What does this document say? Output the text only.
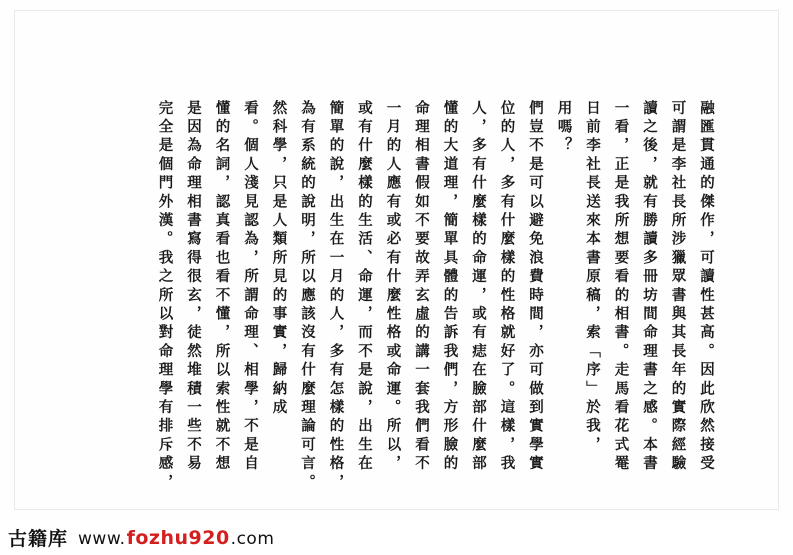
完全是個門外漢。我之所以對命理學有排斥感， 是因為命理相書寫得很玄，徒然堆積一些不易 懂的名詞，認真看也看不懂，所以索性就不想 看。個人淺見認為，所謂命理、相學，不是自 然科學，只是人類所見的事實，歸納成 為有系統的說明，所以應該沒有什麼理論可言。 簡單的說，出生在一月的人，多有怎樣的性格， 或有什麼樣的生活、命運，而不是說，出生在 一月的人應有或必有什麼性格或命運。所以， 命理相書假如不要故弄玄虛的講一套我們看不 懂的大道理，簡單具體的告訴我們，方形臉的 人，多有什麼樣的命運，或有痣在臉部什麼部 位的人，多有什麼樣的性格就好了。這樣，我 們豈不是可以避免浪費時間，亦可做到實學實 用嗎？ 日前李社長送來本書原稿，索「序」於我， 一看，正是我所想要看的相書。走馬看花式罨 讀之後，就有勝讀多冊坊間命理書之感。本書 可謂是李社長所涉獵眾書與其長年的實際經驗 融匯貫通的傑作，可讀性甚高。因此欣然接受
古籍库 www. fozhu920 .com
